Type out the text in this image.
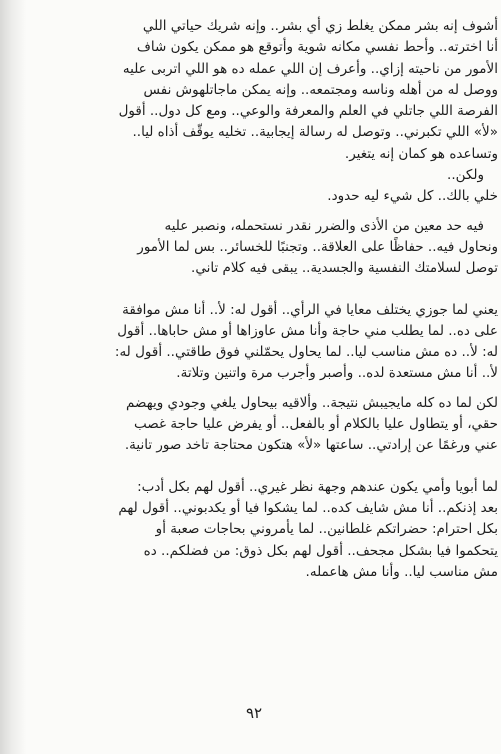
أشوف إنه بشر ممكن يغلط زي أي بشر.. وإنه شريك حياتي اللي
أنا اخترته.. وأحط نفسي مكانه شوية وأتوقع هو ممكن يكون شاف
الأمور من ناحيته إزاي.. وأعرف إن اللي عمله ده هو اللي اتربى عليه
ووصل له من أهله وناسه ومجتمعه.. وإنه يمكن ماجاتلهوش نفس
الفرصة اللي جاتلي في العلم والمعرفة والوعي.. ومع كل دول.. أقول
«لأ» اللي تكبرني.. وتوصل له رسالة إيجابية.. تخليه يوقّف أذاه ليا..
وتساعده هو كمان إنه يتغير.
ولكن..
خلي بالك.. كل شيء ليه حدود.
فيه حد معين من الأذى والضرر نقدر نستحمله، ونصبر عليه
ونحاول فيه.. حفاظًا على العلاقة.. وتجنبًا للخسائر.. بس لما الأمور
توصل لسلامتك النفسية والجسدية.. يبقى فيه كلام تاني.
يعني لما جوزي يختلف معايا في الرأي.. أقول له: لأ.. أنا مش موافقة
على ده.. لما يطلب مني حاجة وأنا مش عاوزاها أو مش حاباها.. أقول
له: لأ.. ده مش مناسب ليا.. لما يحاول يحمّلني فوق طاقتي.. أقول له:
لأ.. أنا مش مستعدة لده.. وأصبر وأجرب مرة واتنين وتلاتة.
لكن لما ده كله مايجيبش نتيجة.. وألاقيه بيحاول يلغي وجودي ويهضم
حقي، أو يتطاول عليا بالكلام أو بالفعل.. أو يفرض عليا حاجة غصب
عني ورغمًا عن إرادتي.. ساعتها «لأ» هتكون محتاجة تاخد صور تانية.
لما أبويا وأمي يكون عندهم وجهة نظر غيري.. أقول لهم بكل أدب:
بعد إذنكم.. أنا مش شايف كده.. لما يشكوا فيا أو يكدبوني.. أقول لهم
بكل احترام: حضراتكم غلطانين.. لما يأمروني بحاجات صعبة أو
يتحكموا فيا بشكل مجحف.. أقول لهم بكل ذوق: من فضلكم.. ده
مش مناسب ليا.. وأنا مش هاعمله.
٩٢
